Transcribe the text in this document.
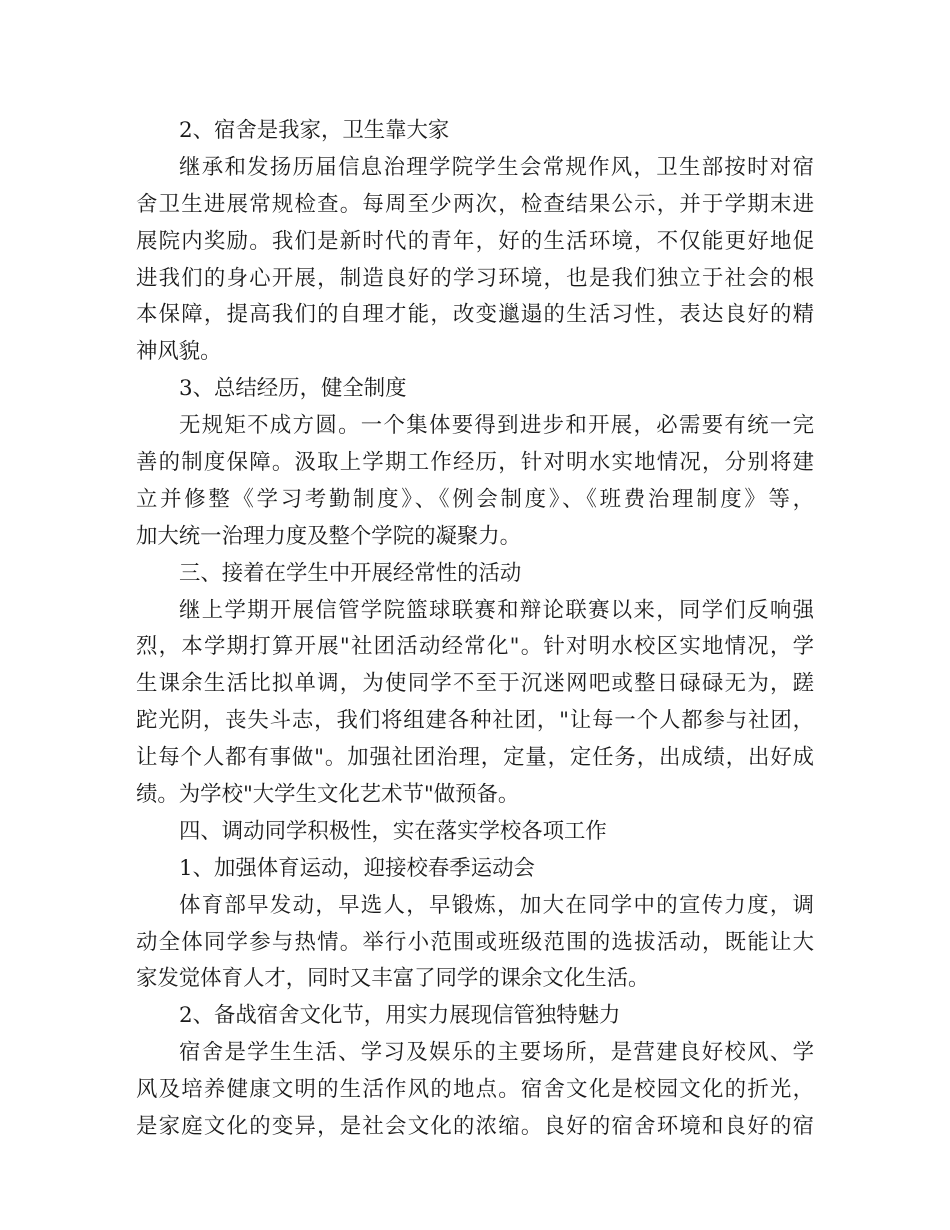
2、宿舍是我家，卫生靠大家
继承和发扬历届信息治理学院学生会常规作风，卫生部按时对宿
舍卫生进展常规检查。每周至少两次，检查结果公示，并于学期末进
展院内奖励。我们是新时代的青年，好的生活环境，不仅能更好地促
进我们的身心开展，制造良好的学习环境，也是我们独立于社会的根
本保障，提高我们的自理才能，改变邋遢的生活习性，表达良好的精
神风貌。
3、总结经历，健全制度
无规矩不成方圆。一个集体要得到进步和开展，必需要有统一完
善的制度保障。汲取上学期工作经历，针对明水实地情况，分别将建
立并修整《学习考勤制度》、《例会制度》、《班费治理制度》等，
加大统一治理力度及整个学院的凝聚力。
三、接着在学生中开展经常性的活动
继上学期开展信管学院篮球联赛和辩论联赛以来，同学们反响强
烈，本学期打算开展"社团活动经常化"。针对明水校区实地情况，学
生课余生活比拟单调，为使同学不至于沉迷网吧或整日碌碌无为，蹉
跎光阴，丧失斗志，我们将组建各种社团，"让每一个人都参与社团，
让每个人都有事做"。加强社团治理，定量，定任务，出成绩，出好成
绩。为学校"大学生文化艺术节"做预备。
四、调动同学积极性，实在落实学校各项工作
1、加强体育运动，迎接校春季运动会
体育部早发动，早选人，早锻炼，加大在同学中的宣传力度，调
动全体同学参与热情。举行小范围或班级范围的选拔活动，既能让大
家发觉体育人才，同时又丰富了同学的课余文化生活。
2、备战宿舍文化节，用实力展现信管独特魅力
宿舍是学生生活、学习及娱乐的主要场所，是营建良好校风、学
风及培养健康文明的生活作风的地点。宿舍文化是校园文化的折光，
是家庭文化的变异，是社会文化的浓缩。良好的宿舍环境和良好的宿
